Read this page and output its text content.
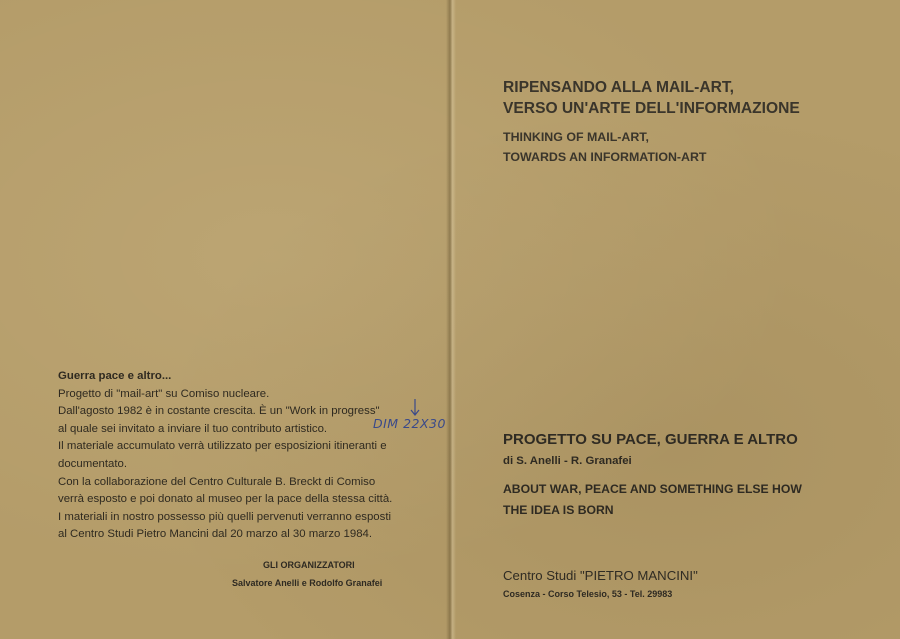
Guerra pace e altro...

Progetto di "mail-art" su Comiso nucleare.

Dall'agosto 1982 è in costante crescita. È un "Work in progress"

al quale sei invitato a inviare il tuo contributo artistico.

Il materiale accumulato verrà utilizzato per esposizioni itineranti e

documentato.

Con la collaborazione del Centro Culturale B. Breckt di Comiso

verrà esposto e poi donato al museo per la pace della stessa città.

I materiali in nostro possesso più quelli pervenuti verranno esposti

al Centro Studi Pietro Mancini dal 20 marzo al 30 marzo 1984.

DIM 22X30
GLI ORGANIZZATORI
Salvatore Anelli e Rodolfo Granafei
RIPENSANDO ALLA MAIL-ART,
VERSO UN'ARTE DELL'INFORMAZIONE
THINKING OF MAIL-ART,
TOWARDS AN INFORMATION-ART
PROGETTO SU PACE, GUERRA E ALTRO
di S. Anelli - R. Granafei
ABOUT WAR, PEACE AND SOMETHING ELSE HOW
THE IDEA IS BORN
Centro Studi "PIETRO MANCINI"
Cosenza - Corso Telesio, 53 - Tel. 29983
